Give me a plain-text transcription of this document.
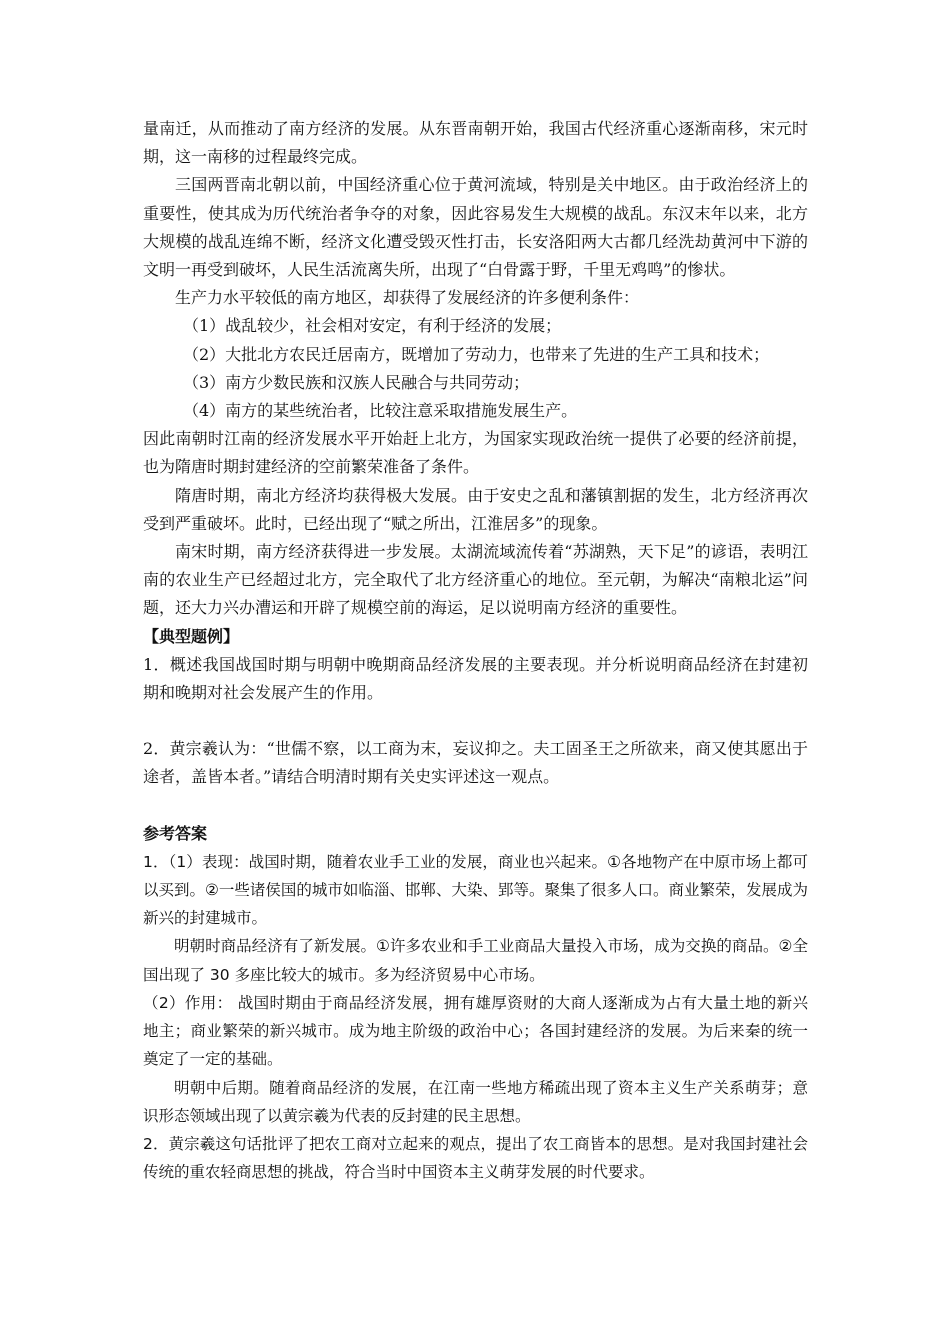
量南迁，从而推动了南方经济的发展。从东晋南朝开始，我国古代经济重心逐渐南移，宋元时期，这一南移的过程最终完成。

三国两晋南北朝以前，中国经济重心位于黄河流域，特别是关中地区。由于政治经济上的重要性，使其成为历代统治者争夺的对象，因此容易发生大规模的战乱。东汉末年以来，北方大规模的战乱连绵不断，经济文化遭受毁灭性打击，长安洛阳两大古都几经洗劫黄河中下游的文明一再受到破坏，人民生活流离失所，出现了“白骨露于野，千里无鸡鸣”的惨状。

生产力水平较低的南方地区，却获得了发展经济的许多便利条件：

（1）战乱较少，社会相对安定，有利于经济的发展；

（2）大批北方农民迁居南方，既增加了劳动力，也带来了先进的生产工具和技术；

（3）南方少数民族和汉族人民融合与共同劳动；

（4）南方的某些统治者，比较注意采取措施发展生产。

因此南朝时江南的经济发展水平开始赶上北方，为国家实现政治统一提供了必要的经济前提，也为隋唐时期封建经济的空前繁荣准备了条件。

隋唐时期，南北方经济均获得极大发展。由于安史之乱和藩镇割据的发生，北方经济再次受到严重破坏。此时，已经出现了“赋之所出，江淮居多”的现象。

南宋时期，南方经济获得进一步发展。太湖流域流传着“苏湖熟，天下足”的谚语，表明江南的农业生产已经超过北方，完全取代了北方经济重心的地位。至元朝，为解决“南粮北运”问题，还大力兴办漕运和开辟了规模空前的海运，足以说明南方经济的重要性。

【典型题例】

1．概述我国战国时期与明朝中晚期商品经济发展的主要表现。并分析说明商品经济在封建初期和晚期对社会发展产生的作用。

2．黄宗羲认为：“世儒不察，以工商为末，妄议抑之。夫工固圣王之所欲来，商又使其愿出于途者，盖皆本者。”请结合明清时期有关史实评述这一观点。

参考答案

1．（1）表现：战国时期，随着农业手工业的发展，商业也兴起来。①各地物产在中原市场上都可以买到。②一些诸侯国的城市如临淄、邯郸、大染、郢等。聚集了很多人口。商业繁荣，发展成为新兴的封建城市。

明朝时商品经济有了新发展。①许多农业和手工业商品大量投入市场，成为交换的商品。②全国出现了 30 多座比较大的城市。多为经济贸易中心市场。

（2）作用： 战国时期由于商品经济发展，拥有雄厚资财的大商人逐渐成为占有大量土地的新兴地主；商业繁荣的新兴城市。成为地主阶级的政治中心；各国封建经济的发展。为后来秦的统一奠定了一定的基础。

明朝中后期。随着商品经济的发展，在江南一些地方稀疏出现了资本主义生产关系萌芽；意识形态领域出现了以黄宗羲为代表的反封建的民主思想。

2．黄宗羲这句话批评了把农工商对立起来的观点，提出了农工商皆本的思想。是对我国封建社会传统的重农轻商思想的挑战，符合当时中国资本主义萌芽发展的时代要求。
